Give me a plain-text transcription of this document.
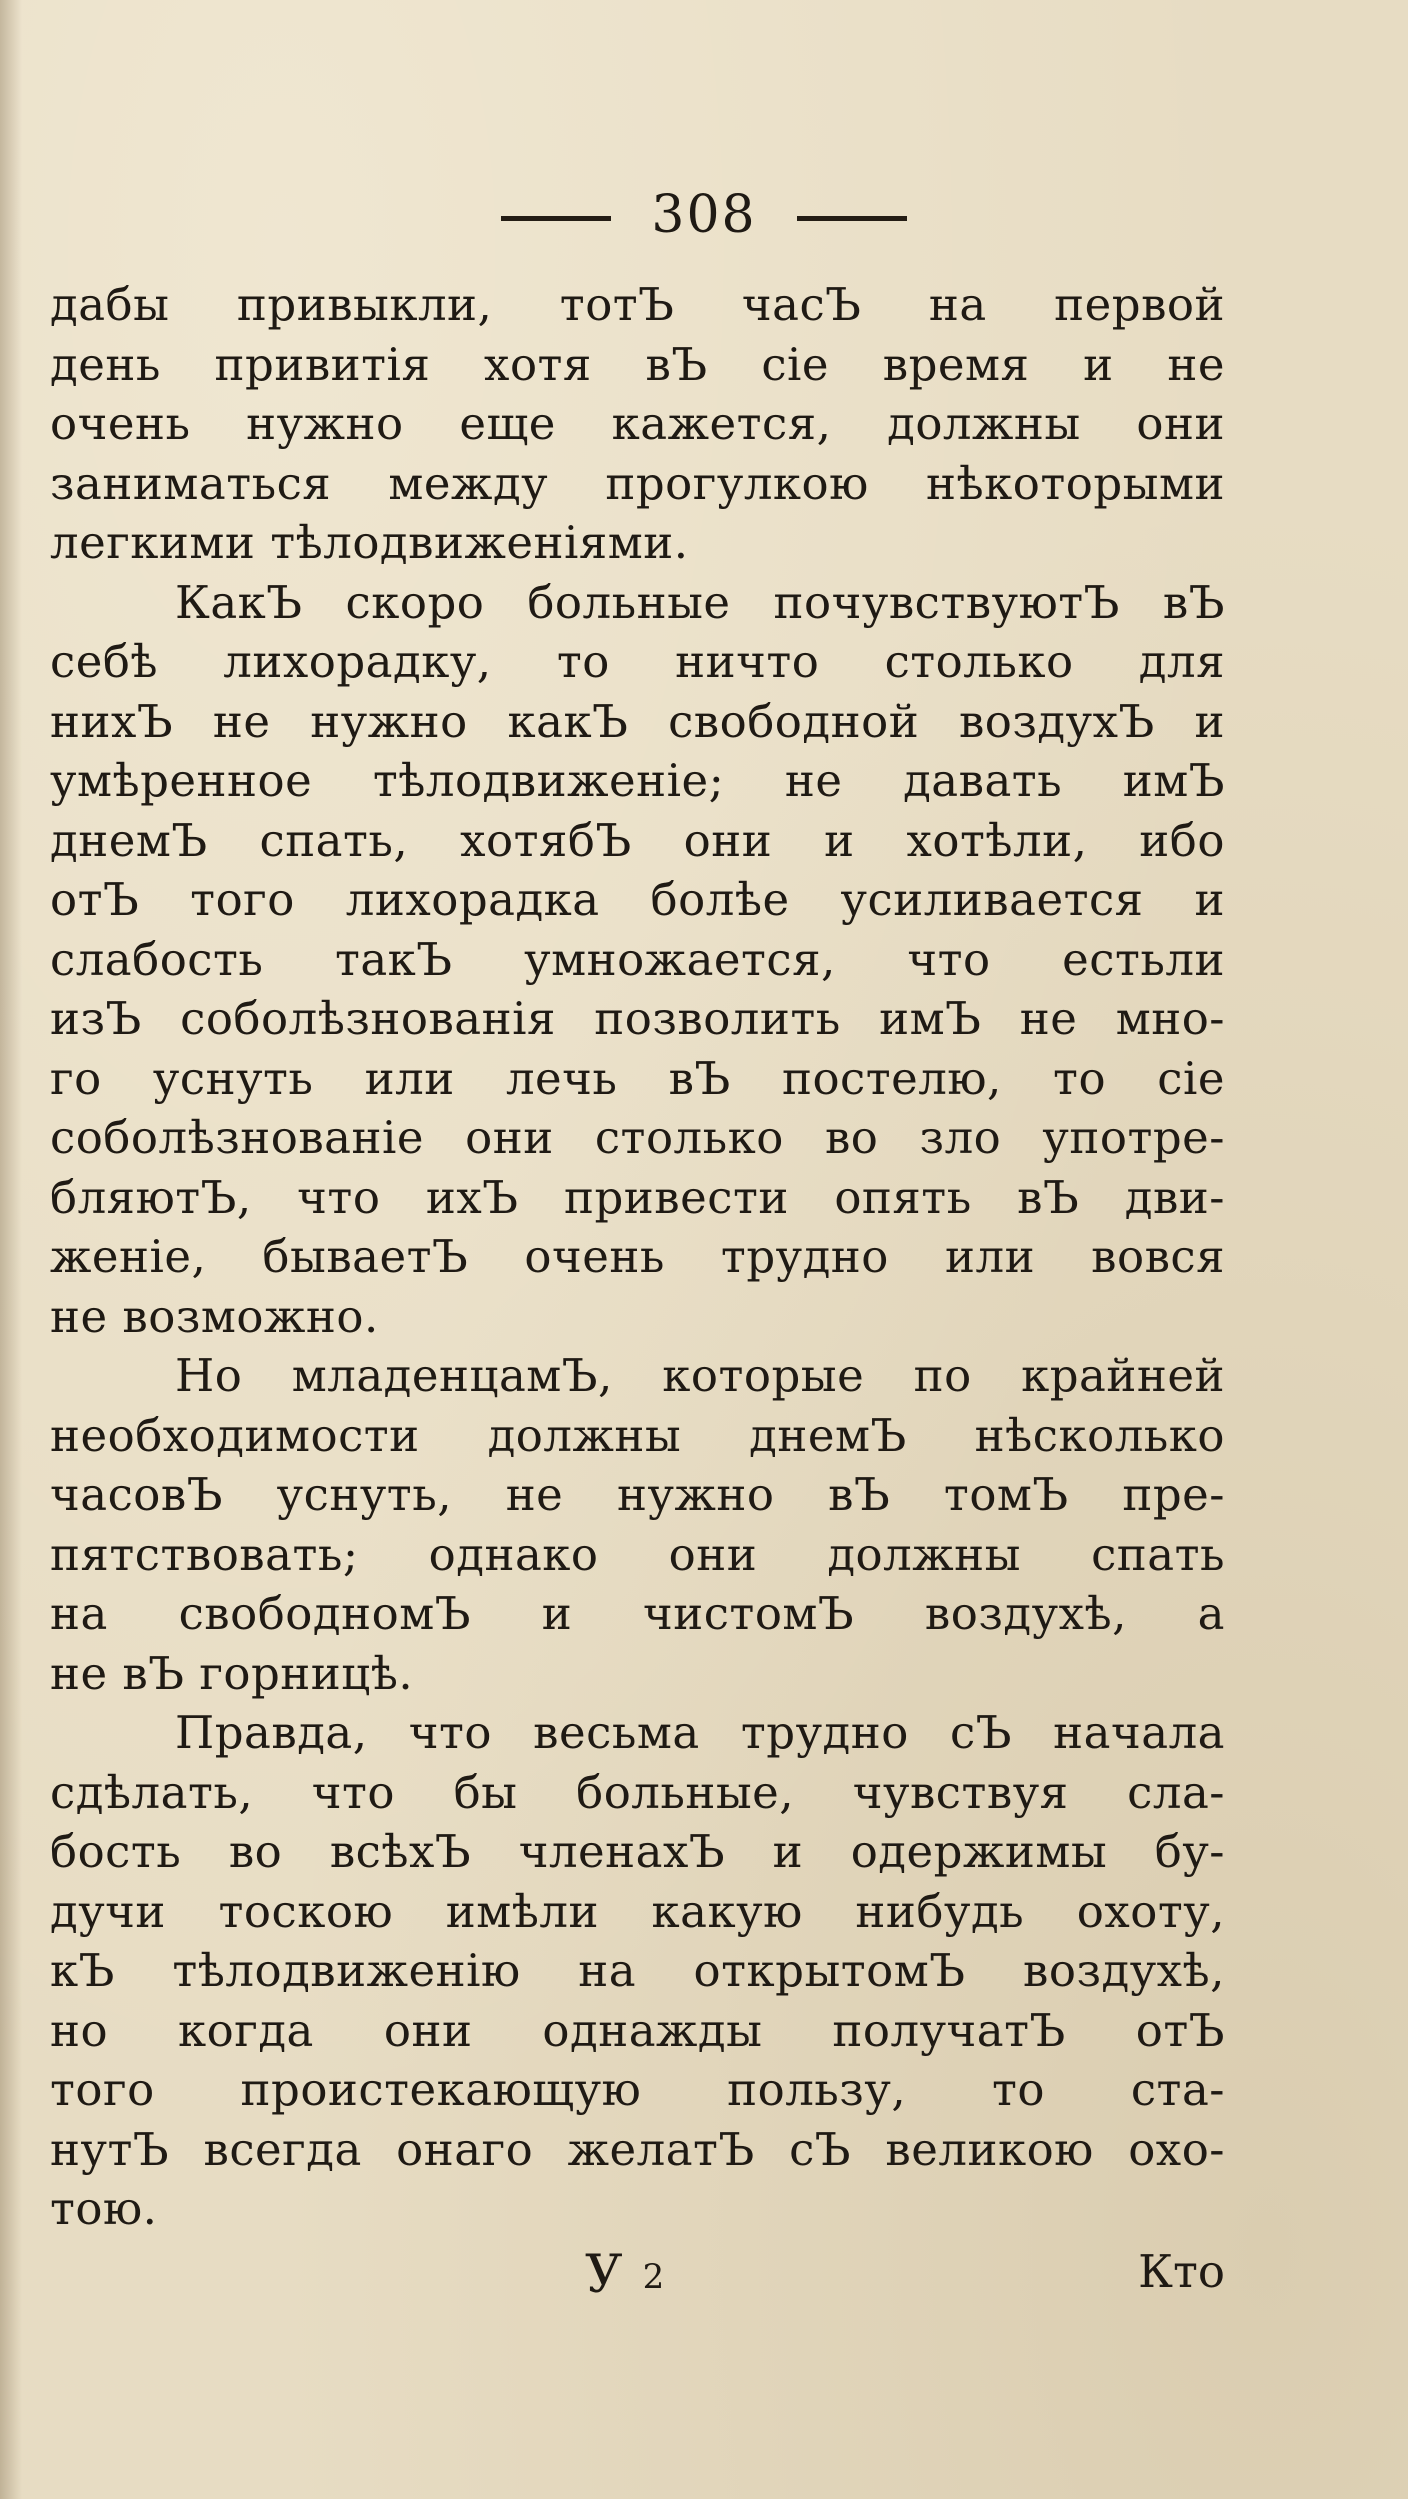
308
дабы привыкли, тотЪ часЪ на первой
день привитія хотя вЪ сіе время и не
очень нужно еще кажется, должны они
заниматься между прогулкою нѣкоторыми
легкими тѣлодвиженіями.
КакЪ скоро больные почувствуютЪ вЪ
себѣ лихорадку, то ничто столько для
нихЪ не нужно какЪ свободной воздухЪ и
умѣренное тѣлодвиженіе; не давать имЪ
днемЪ спать, хотябЪ они и хотѣли, ибо
отЪ того лихорадка болѣе усиливается и
слабость такЪ умножается, что естьли
изЪ соболѣзнованія позволить имЪ не мно-
го уснуть или лечь вЪ постелю, то сіе
соболѣзнованіе они столько во зло употре-
бляютЪ, что ихЪ привести опять вЪ дви-
женіе, бываетЪ очень трудно или вовся
не возможно.
Но младенцамЪ, которые по крайней
необходимости должны днемЪ нѣсколько
часовЪ уснуть, не нужно вЪ томЪ пре-
пятствовать; однако они должны спать
на свободномЪ и чистомЪ воздухѣ, а
не вЪ горницѣ.
Правда, что весьма трудно сЪ начала
сдѣлать, что бы больные, чувствуя сла-
бость во всѣхЪ членахЪ и одержимы бу-
дучи тоскою имѣли какую нибудь охоту,
кЪ тѣлодвиженію на открытомЪ воздухѣ,
но когда они однажды получатЪ отЪ
того проистекающую пользу, то ста-
нутЪ всегда онаго желатЪ сЪ великою охо-
тою.
У 2	Кто
